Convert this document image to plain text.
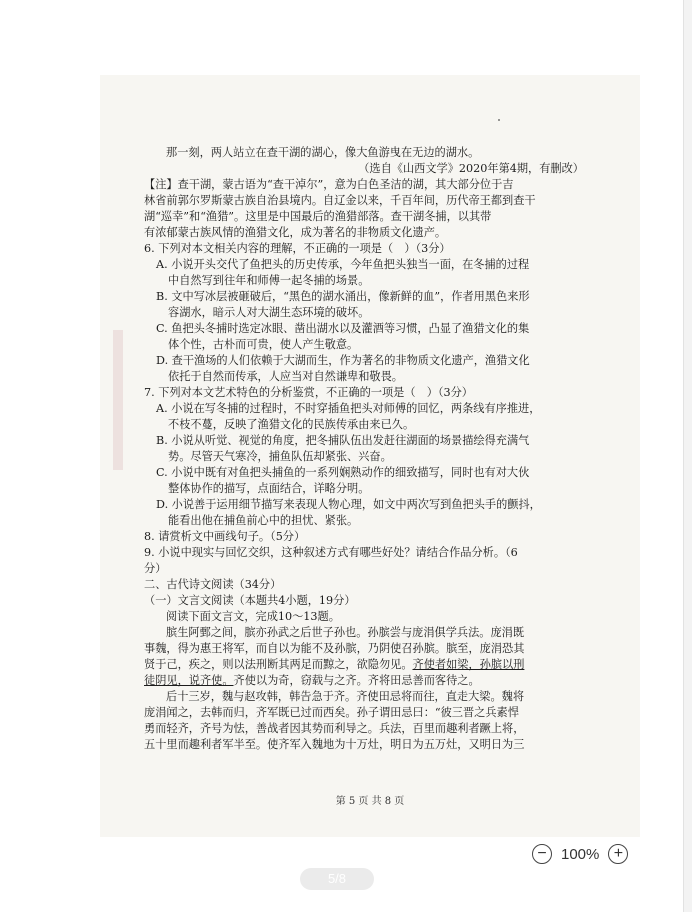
那一刻，两人站立在查干湖的湖心，像大鱼游曳在无边的湖水。
（选自《山西文学》2020年第4期，有删改）
【注】查干湖，蒙古语为“查干淖尔”，意为白色圣洁的湖，其大部分位于吉
林省前郭尔罗斯蒙古族自治县境内。自辽金以来，千百年间，历代帝王都到查干
湖“巡幸”和“渔猎”。这里是中国最后的渔猎部落。查干湖冬捕，以其带
有浓郁蒙古族风情的渔猎文化，成为著名的非物质文化遗产。
6. 下列对本文相关内容的理解，不正确的一项是（　）（3分）
A. 小说开头交代了鱼把头的历史传承，今年鱼把头独当一面，在冬捕的过程
中自然写到往年和师傅一起冬捕的场景。
B. 文中写冰层被砸破后，“黑色的湖水涌出，像新鲜的血”，作者用黑色来形
容湖水，暗示人对大湖生态环境的破坏。
C. 鱼把头冬捕时选定冰眼、凿出湖水以及灌酒等习惯，凸显了渔猎文化的集
体个性，古朴而可贵，使人产生敬意。
D. 查干渔场的人们依赖于大湖而生，作为著名的非物质文化遗产，渔猎文化
依托于自然而传承，人应当对自然谦卑和敬畏。
7. 下列对本文艺术特色的分析鉴赏，不正确的一项是（　）（3分）
A. 小说在写冬捕的过程时，不时穿插鱼把头对师傅的回忆，两条线有序推进，
不枝不蔓，反映了渔猎文化的民族传承由来已久。
B. 小说从听觉、视觉的角度，把冬捕队伍出发赶往湖面的场景描绘得充满气
势。尽管天气寒冷，捕鱼队伍却紧张、兴奋。
C. 小说中既有对鱼把头捕鱼的一系列娴熟动作的细致描写，同时也有对大伙
整体协作的描写，点面结合，详略分明。
D. 小说善于运用细节描写来表现人物心理，如文中两次写到鱼把头手的颤抖，
能看出他在捕鱼前心中的担忧、紧张。
8. 请赏析文中画线句子。（5分）
9. 小说中现实与回忆交织，这种叙述方式有哪些好处？请结合作品分析。（6
分）
二、古代诗文阅读（34分）
（一）文言文阅读（本题共4小题，19分）
阅读下面文言文，完成10～13题。
膑生阿鄄之间，膑亦孙武之后世子孙也。孙膑尝与庞涓俱学兵法。庞涓既
事魏，得为惠王将军，而自以为能不及孙膑，乃阴使召孙膑。膑至，庞涓恐其
贤于己，疾之，则以法刑断其两足而黥之，欲隐勿见。齐使者如梁，孙膑以刑
徒阴见，说齐使。齐使以为奇，窃载与之齐。齐将田忌善而客待之。
后十三岁，魏与赵攻韩，韩告急于齐。齐使田忌将而往，直走大梁。魏将
庞涓闻之，去韩而归，齐军既已过而西矣。孙子谓田忌曰：“彼三晋之兵素悍
勇而轻齐，齐号为怯，善战者因其势而利导之。兵法，百里而趣利者蹶上将，
五十里而趣利者军半至。使齐军入魏地为十万灶，明日为五万灶，又明日为三
第 5 页 共 8 页
− 100% +
5/8
